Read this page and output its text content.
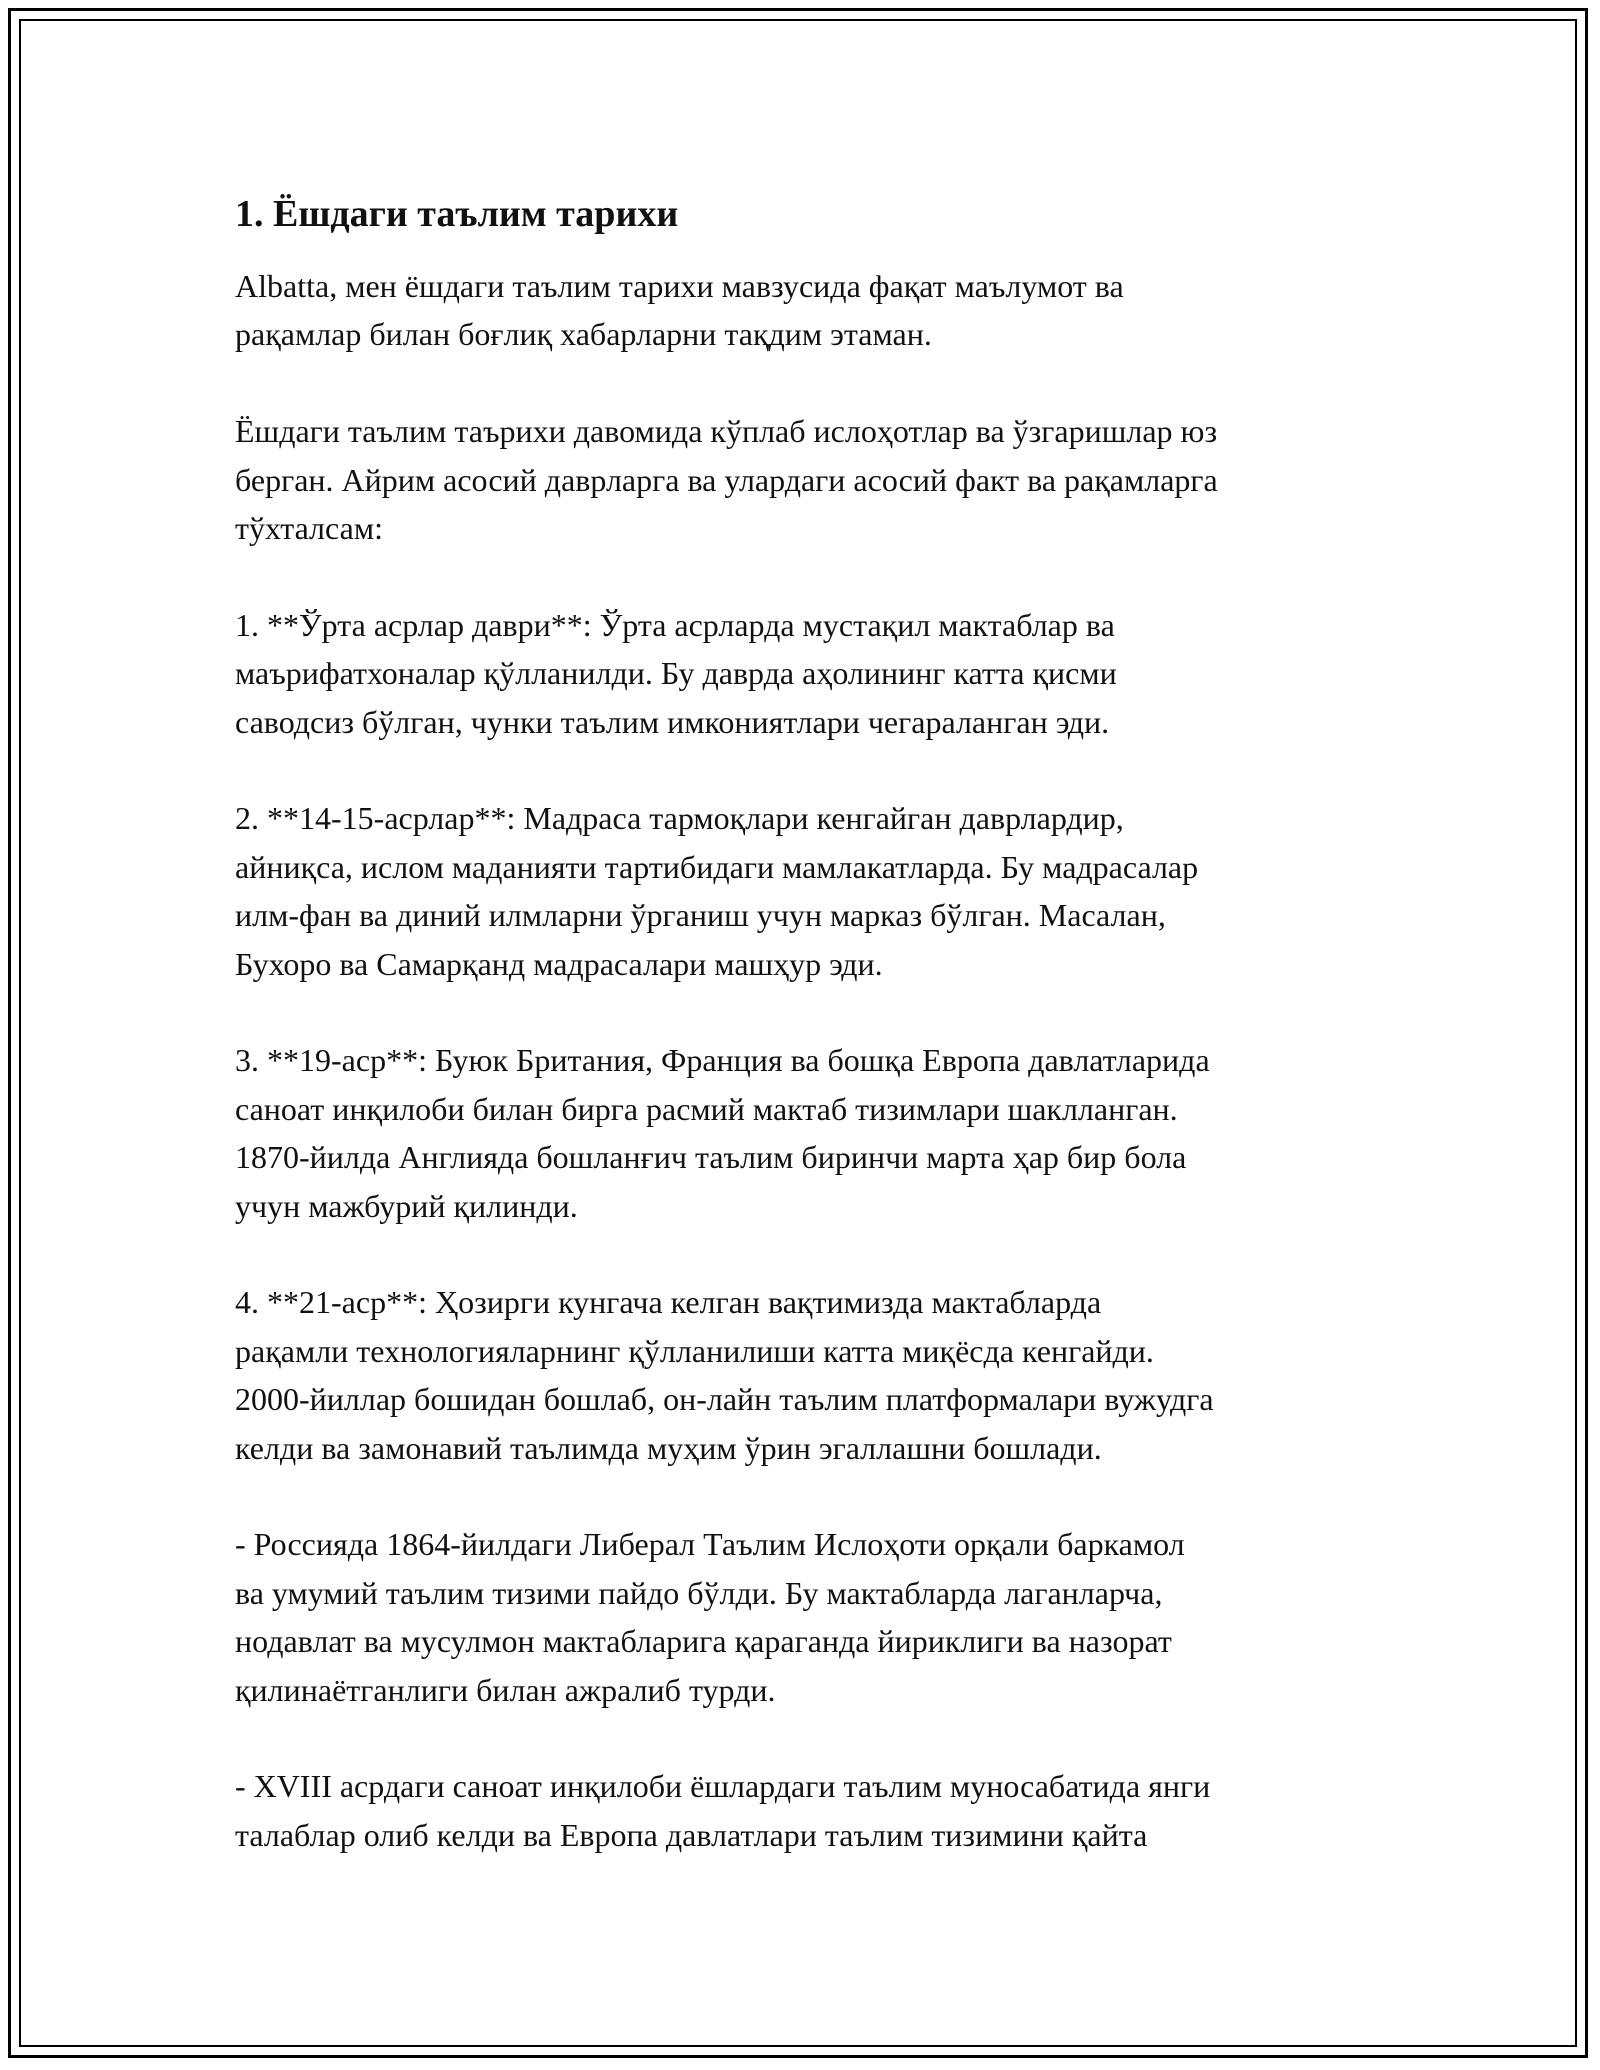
1. Ёшдаги таълим тарихи

Albatta, мен ёшдаги таълим тарихи мавзусида фақат маълумот ва
рақамлар билан боғлиқ хабарларни тақдим этаман.

Ёшдаги таълим таърихи давомида кўплаб ислоҳотлар ва ўзгаришлар юз
берган. Айрим асосий даврларга ва улардаги асосий факт ва рақамларга
тўхталсам:

1. **Ўрта асрлар даври**: Ўрта асрларда мустақил мактаблар ва
маърифатхоналар қўлланилди. Бу даврда аҳолининг катта қисми
саводсиз бўлган, чунки таълим имкониятлари чегараланган эди.

2. **14-15-асрлар**: Мадраса тармоқлари кенгайган даврлардир,
айниқса, ислом маданияти тартибидаги мамлакатларда. Бу мадрасалар
илм-фан ва диний илмларни ўрганиш учун марказ бўлган. Масалан,
Бухоро ва Самарқанд мадрасалари машҳур эди.

3. **19-аср**: Буюк Британия, Франция ва бошқа Европа давлатларида
саноат инқилоби билан бирга расмий мактаб тизимлари шаклланган.
1870-йилда Англияда бошланғич таълим биринчи марта ҳар бир бола
учун мажбурий қилинди.

4. **21-аср**: Ҳозирги кунгача келган вақтимизда мактабларда
рақамли технологияларнинг қўлланилиши катта миқёсда кенгайди.
2000-йиллар бошидан бошлаб, он-лайн таълим платформалари вужудга
келди ва замонавий таълимда муҳим ўрин эгаллашни бошлади.

- Россияда 1864-йилдаги Либерал Таълим Ислоҳоти орқали баркамол
ва умумий таълим тизими пайдо бўлди. Бу мактабларда лаганларча,
нодавлат ва мусулмон мактабларига қараганда йириклиги ва назорат
қилинаётганлиги билан ажралиб турди.

- XVIII асрдаги саноат инқилоби ёшлардаги таълим муносабатида янги
талаблар олиб келди ва Европа давлатлари таълим тизимини қайта
